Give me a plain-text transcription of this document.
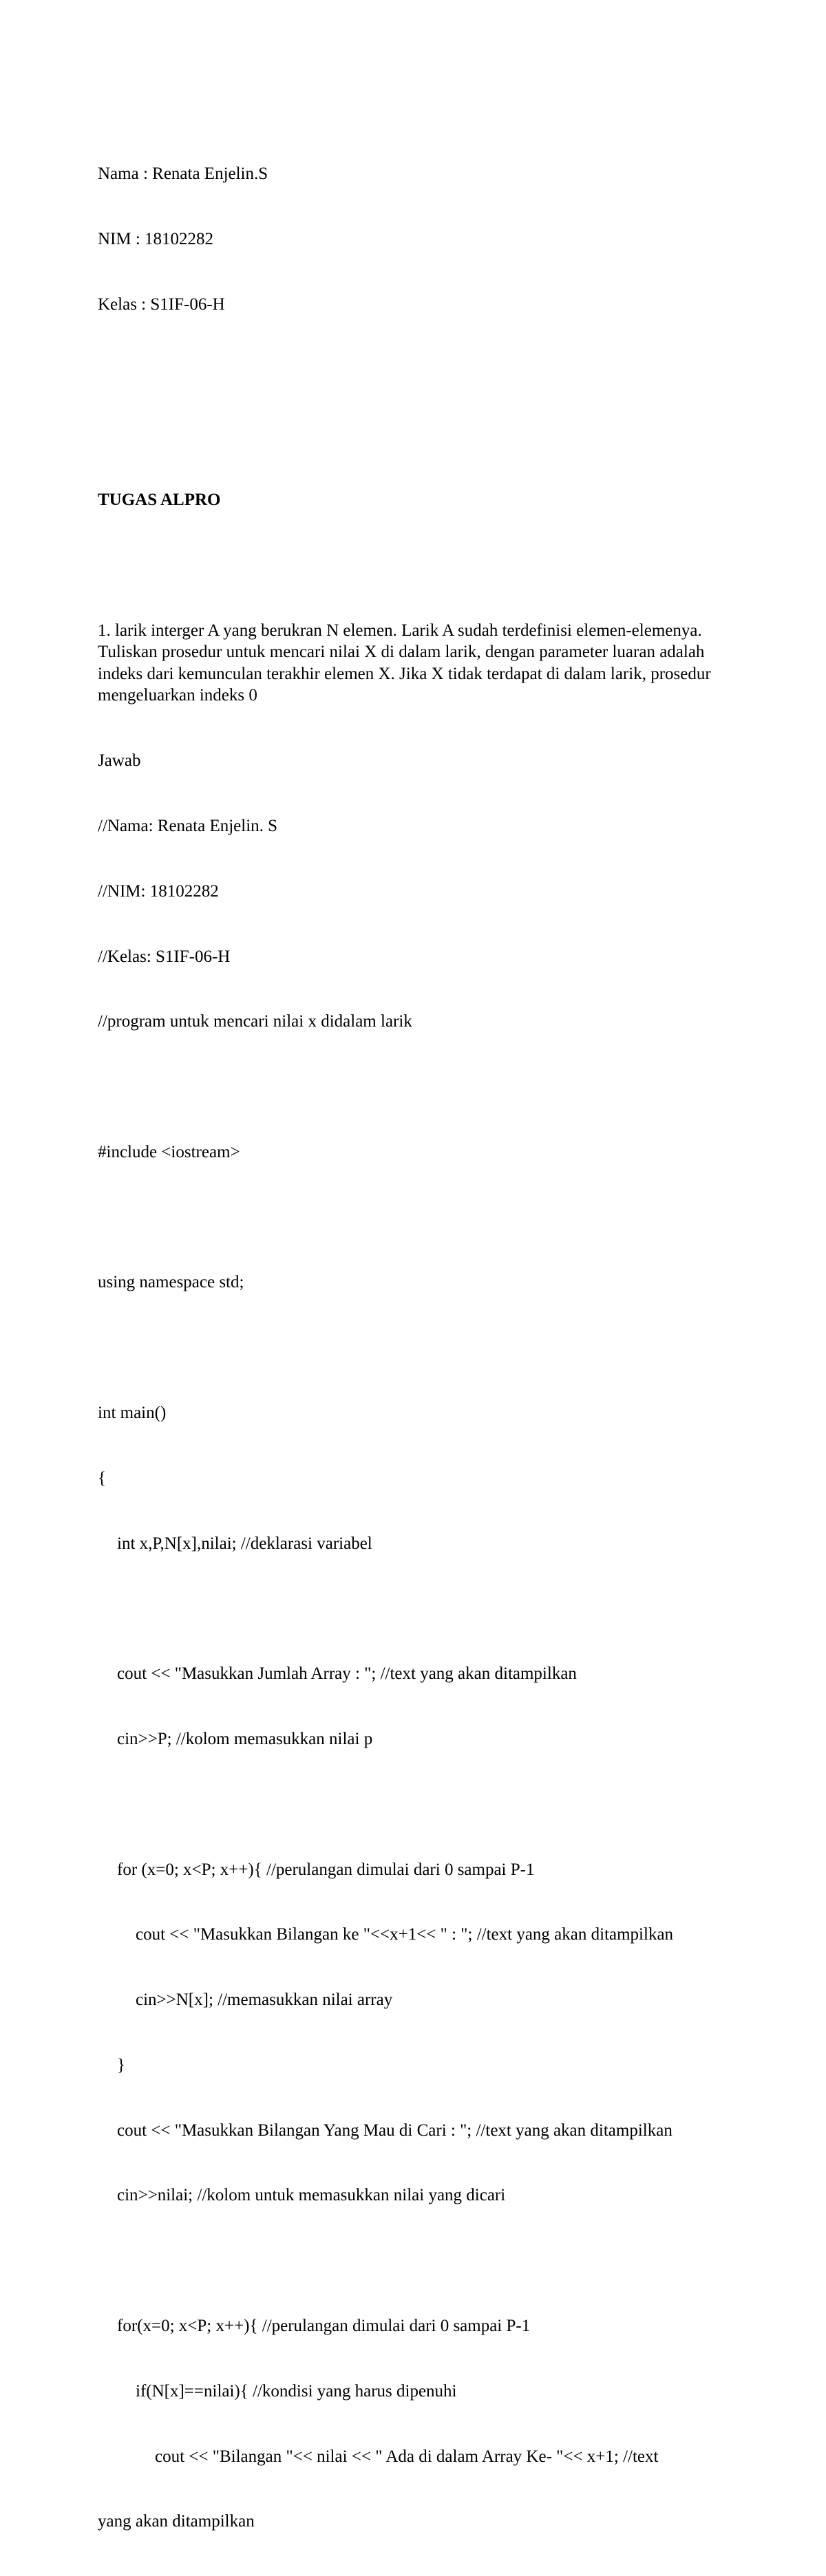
Nama : Renata Enjelin.S

NIM : 18102282

Kelas : S1IF-06-H

TUGAS ALPRO

1. larik interger A yang berukran N elemen. Larik A sudah terdefinisi elemen-elemenya. Tuliskan prosedur untuk mencari nilai X di dalam larik, dengan parameter luaran adalah indeks dari kemunculan terakhir elemen X. Jika X tidak terdapat di dalam larik, prosedur mengeluarkan indeks 0

Jawab

//Nama: Renata Enjelin. S

//NIM: 18102282

//Kelas: S1IF-06-H

//program untuk mencari nilai x didalam larik

#include <iostream>

using namespace std;

int main()

{

int x,P,N[x],nilai; //deklarasi variabel

cout << "Masukkan Jumlah Array : "; //text yang akan ditampilkan

cin>>P; //kolom memasukkan nilai p

for (x=0; x<P; x++){ //perulangan dimulai dari 0 sampai P-1

cout << "Masukkan Bilangan ke "<<x+1<< " : "; //text yang akan ditampilkan

cin>>N[x]; //memasukkan nilai array

}

cout << "Masukkan Bilangan Yang Mau di Cari : "; //text yang akan ditampilkan

cin>>nilai; //kolom untuk memasukkan nilai yang dicari

for(x=0; x<P; x++){ //perulangan dimulai dari 0 sampai P-1

if(N[x]==nilai){ //kondisi yang harus dipenuhi

cout << "Bilangan "<< nilai << " Ada di dalam Array Ke- "<< x+1; //text

yang akan ditampilkan
